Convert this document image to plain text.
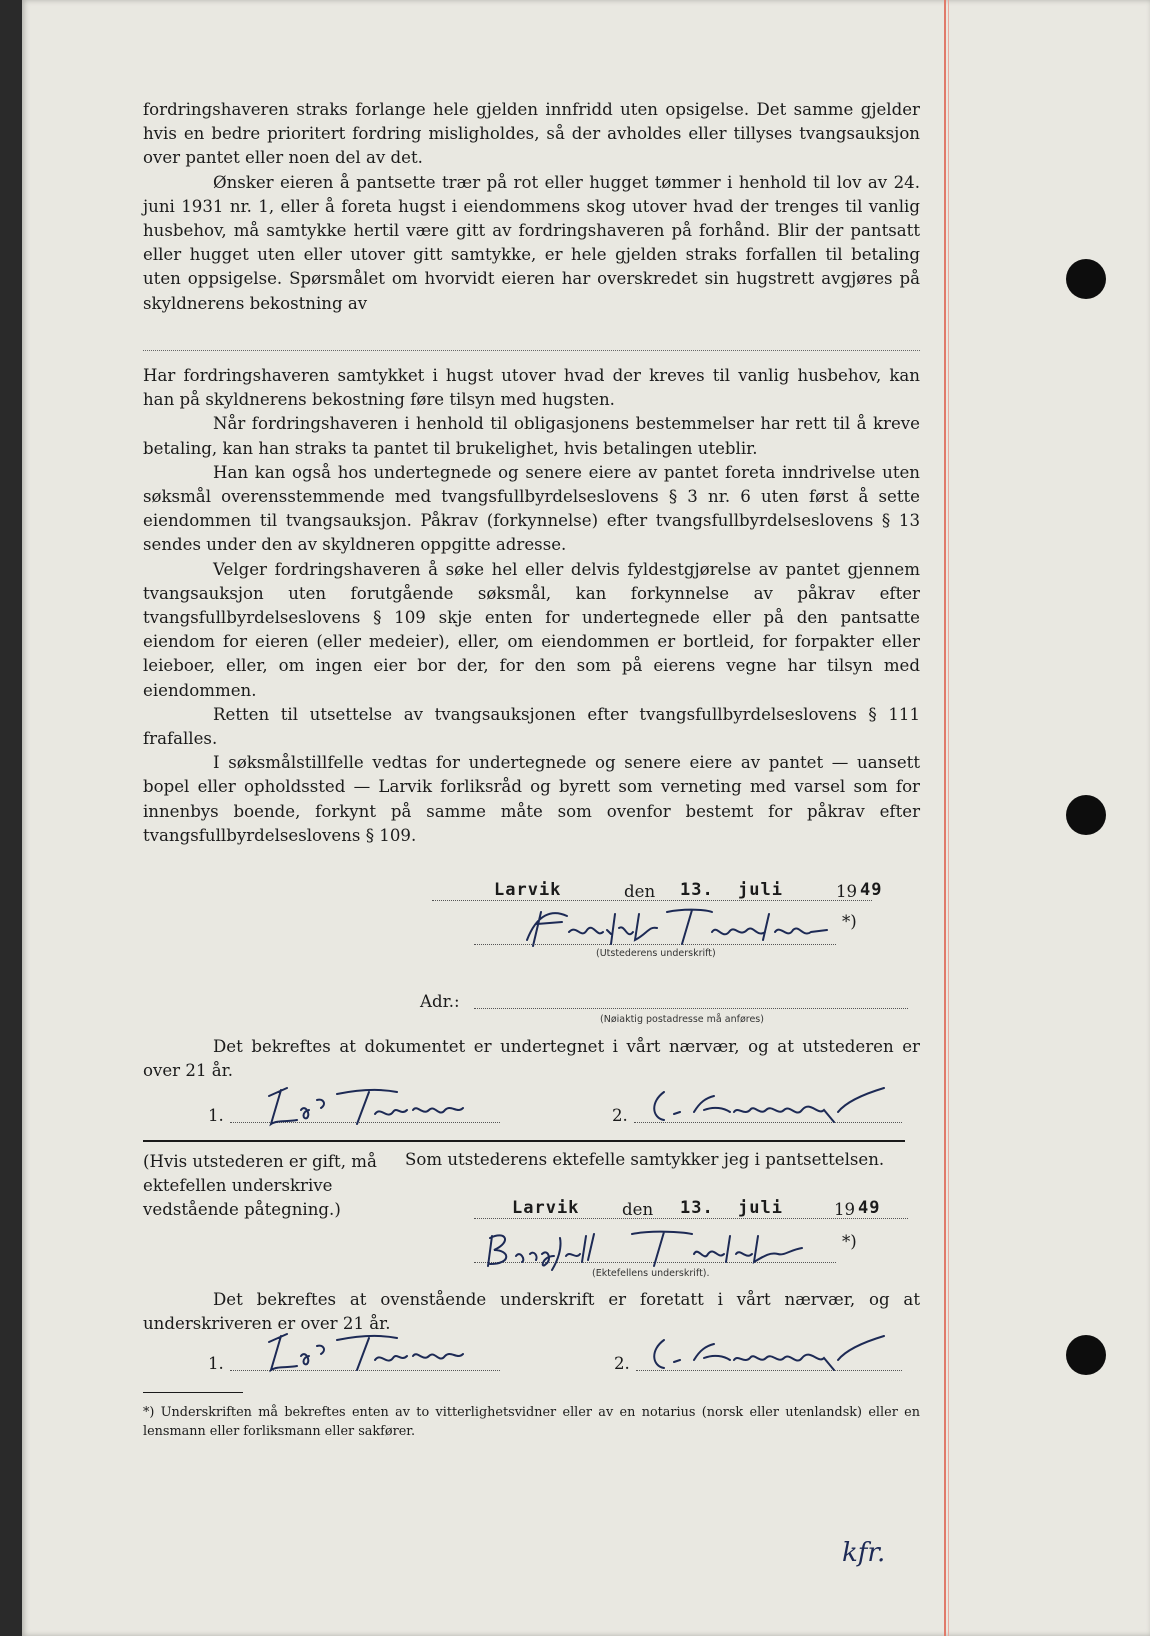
fordringshaveren straks forlange hele gjelden innfridd uten opsigelse. Det samme gjelder hvis en bedre prioritert fordring misligholdes, så der avholdes eller tillyses tvangsauksjon over pantet eller noen del av det.

Ønsker eieren å pantsette trær på rot eller hugget tømmer i henhold til lov av 24. juni 1931 nr. 1, eller å foreta hugst i eiendommens skog utover hvad der trenges til vanlig husbehov, må samtykke hertil være gitt av fordringshaveren på forhånd. Blir der pantsatt eller hugget uten eller utover gitt samtykke, er hele gjelden straks forfallen til betaling uten oppsigelse. Spørsmålet om hvorvidt eieren har overskredet sin hugstrett avgjøres på skyldnerens bekostning av

Har fordringshaveren samtykket i hugst utover hvad der kreves til vanlig husbehov, kan han på skyldnerens bekostning føre tilsyn med hugsten.

Når fordringshaveren i henhold til obligasjonens bestemmelser har rett til å kreve betaling, kan han straks ta pantet til brukelighet, hvis betalingen uteblir.

Han kan også hos undertegnede og senere eiere av pantet foreta inndrivelse uten søksmål overensstemmende med tvangsfullbyrdelseslovens § 3 nr. 6 uten først å sette eiendommen til tvangsauksjon. Påkrav (forkynnelse) efter tvangsfullbyrdelseslovens § 13 sendes under den av skyldneren oppgitte adresse.

Velger fordringshaveren å søke hel eller delvis fyldestgjørelse av pantet gjennem tvangsauksjon uten forutgående søksmål, kan forkynnelse av påkrav efter tvangsfullbyrdelseslovens § 109 skje enten for undertegnede eller på den pantsatte eiendom for eieren (eller medeier), eller, om eiendommen er bortleid, for forpakter eller leieboer, eller, om ingen eier bor der, for den som på eierens vegne har tilsyn med eiendommen.

Retten til utsettelse av tvangsauksjonen efter tvangsfullbyrdelseslovens § 111 frafalles.

I søksmålstillfelle vedtas for undertegnede og senere eiere av pantet — uansett bopel eller opholdssted — Larvik forliksråd og byrett som verneting med varsel som for innenbys boende, forkynt på samme måte som ovenfor bestemt for påkrav efter tvangsfullbyrdelseslovens § 109.

Larvik	den 13. juli	19 49
*)
(Utstederens underskrift)
Adr.:
(Nøiaktig postadresse må anføres)

Det bekreftes at dokumentet er undertegnet i vårt nærvær, og at utstederen er over 21 år.

1.	2.
(Hvis utstederen er gift, må ektefellen underskrive vedstående påtegning.)
Som utstederens ektefelle samtykker jeg i pantsettelsen.
Larvik	den 13. juli	19 49
*)
(Ektefellens underskrift).

Det bekreftes at ovenstående underskrift er foretatt i vårt nærvær, og at underskriveren er over 21 år.

1.	2.
*) Underskriften må bekreftes enten av to vitterlighetsvidner eller av en notarius (norsk eller utenlandsk) eller en lensmann eller forliksmann eller sakfører.
kfr.
